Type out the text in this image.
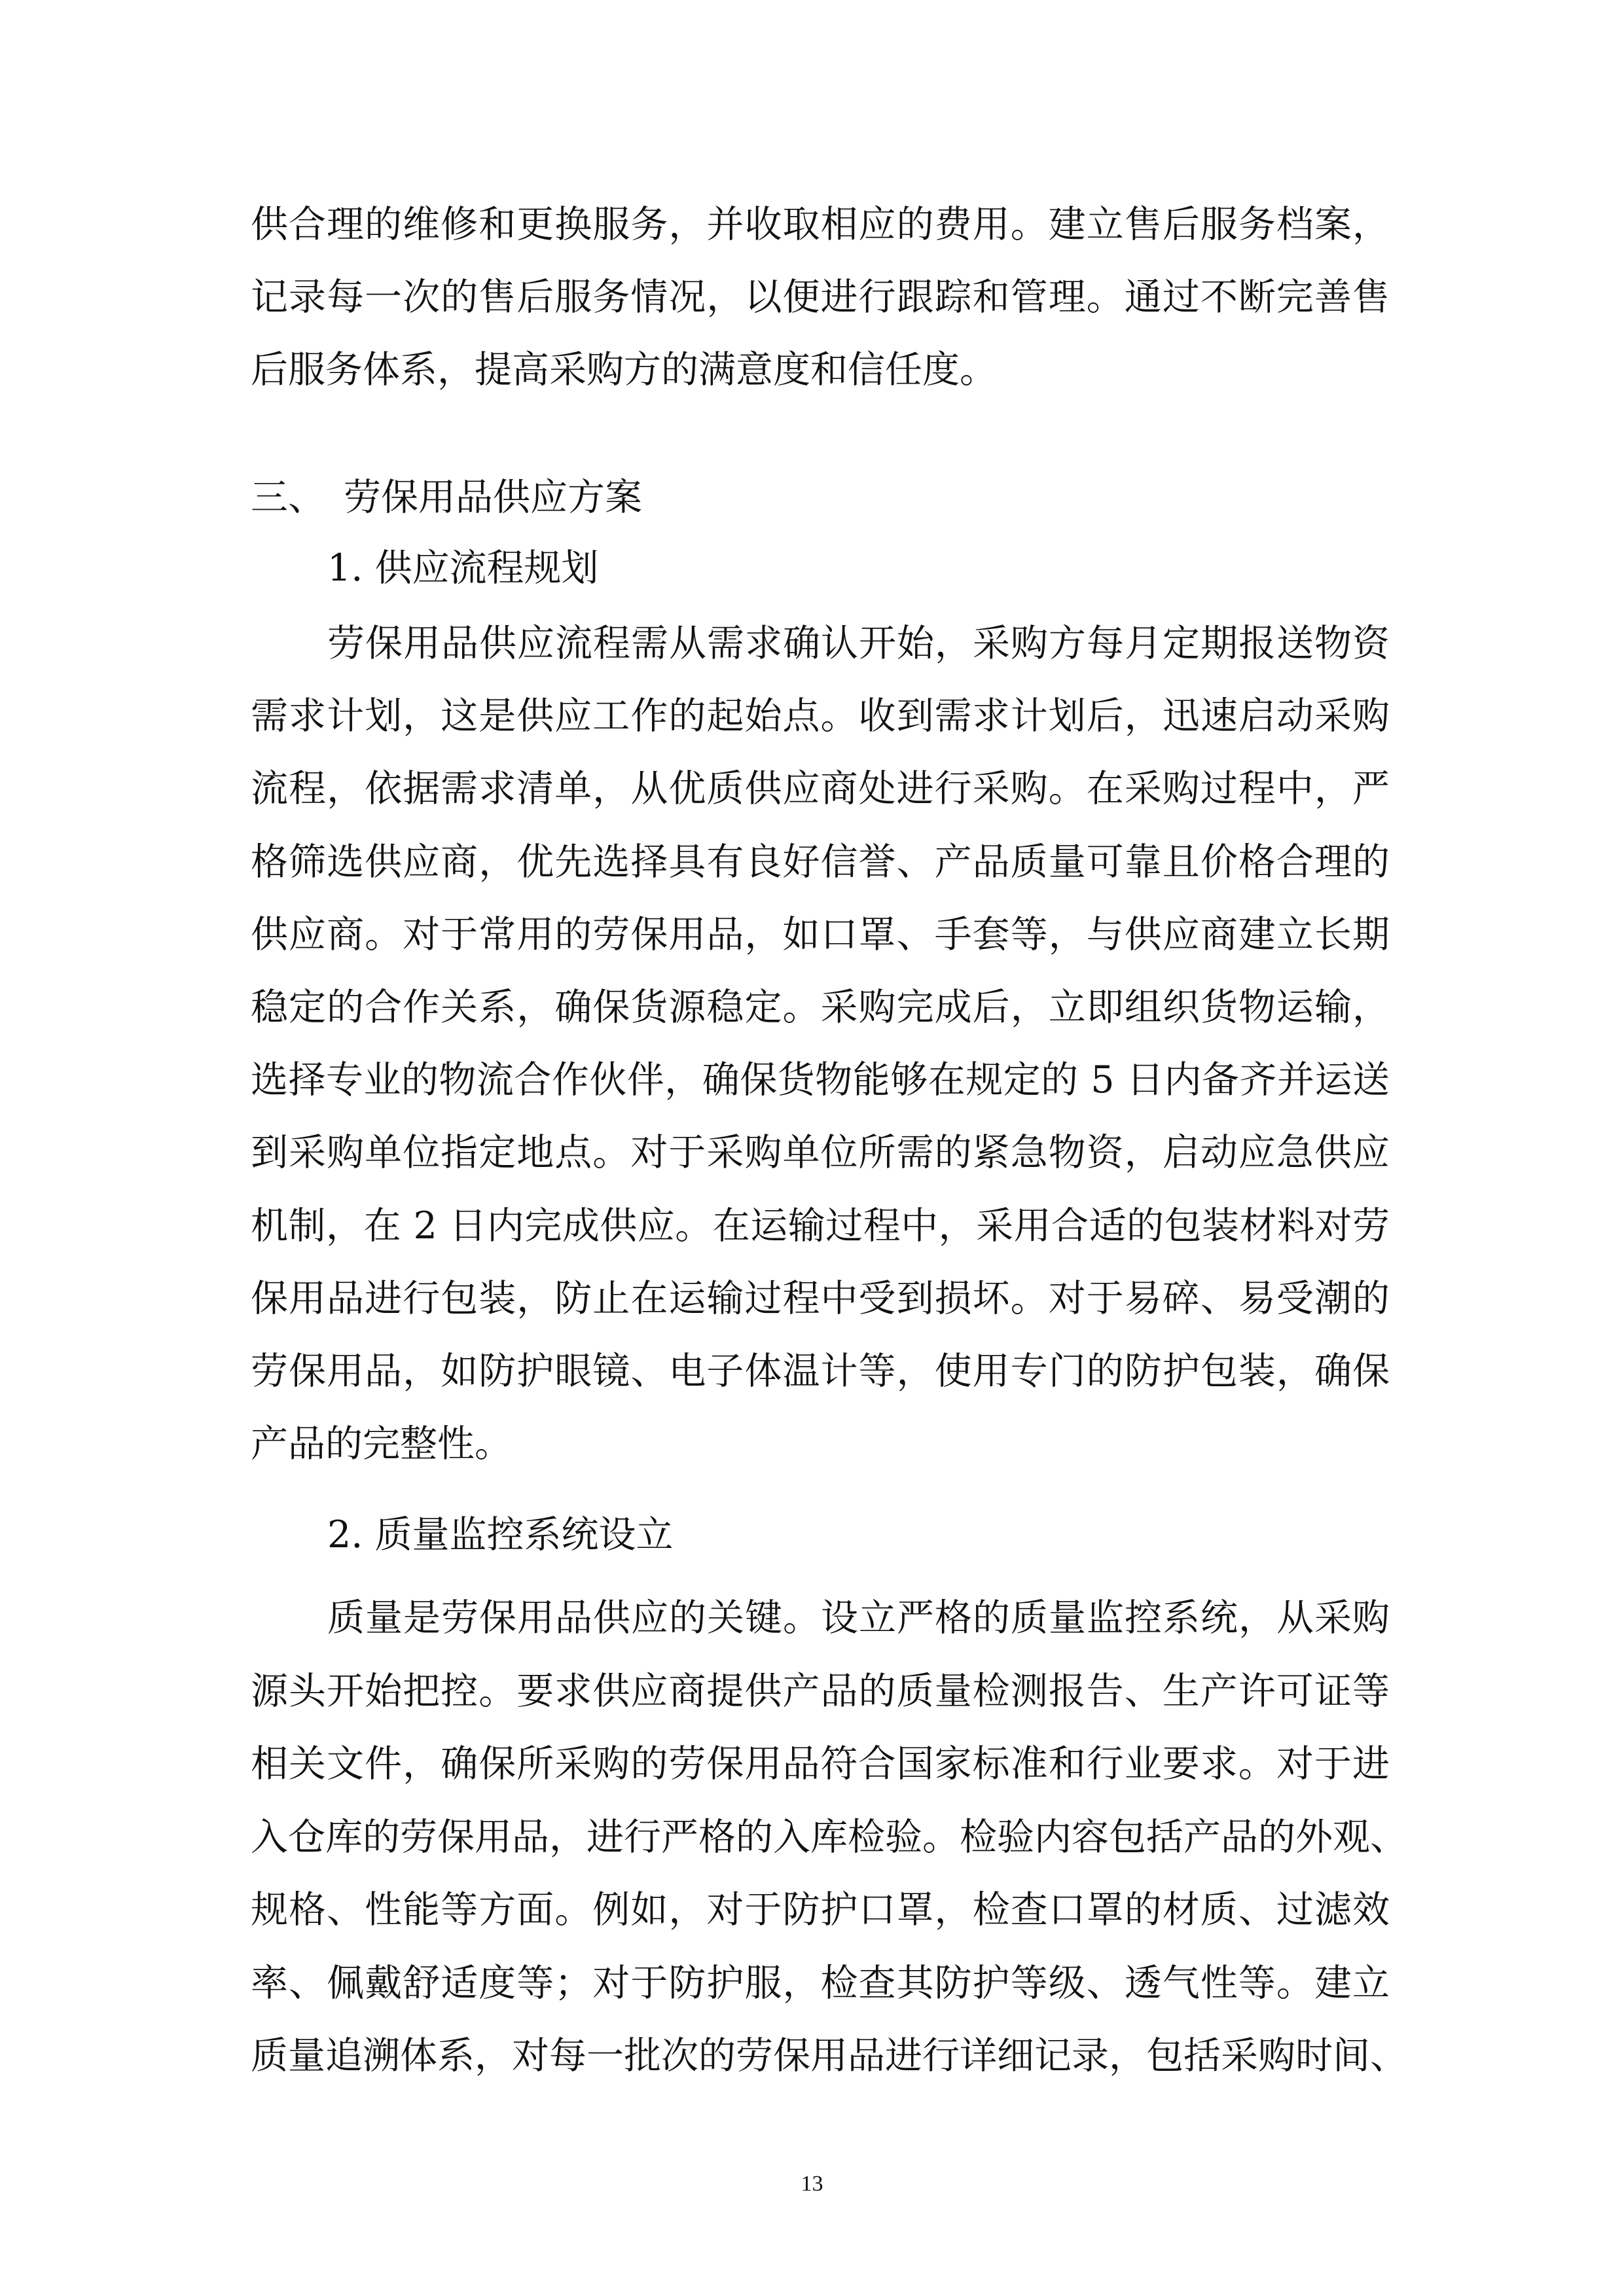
三、 劳保用品供应方案
1. 供应流程规划
2. 质量监控系统设立
13
供合理的维修和更换服务，并收取相应的费用。建立售后服务档案，
记录每一次的售后服务情况，以便进行跟踪和管理。通过不断完善售
后服务体系，提高采购方的满意度和信任度。
劳保用品供应流程需从需求确认开始，采购方每月定期报送物资
需求计划，这是供应工作的起始点。收到需求计划后，迅速启动采购
流程，依据需求清单，从优质供应商处进行采购。在采购过程中，严
格筛选供应商，优先选择具有良好信誉、产品质量可靠且价格合理的
供应商。对于常用的劳保用品，如口罩、手套等，与供应商建立长期
稳定的合作关系，确保货源稳定。采购完成后，立即组织货物运输，
选择专业的物流合作伙伴，确保货物能够在规定的 5 日内备齐并运送
到采购单位指定地点。对于采购单位所需的紧急物资，启动应急供应
机制，在 2 日内完成供应。在运输过程中，采用合适的包装材料对劳
保用品进行包装，防止在运输过程中受到损坏。对于易碎、易受潮的
劳保用品，如防护眼镜、电子体温计等，使用专门的防护包装，确保
产品的完整性。
质量是劳保用品供应的关键。设立严格的质量监控系统，从采购
源头开始把控。要求供应商提供产品的质量检测报告、生产许可证等
相关文件，确保所采购的劳保用品符合国家标准和行业要求。对于进
入仓库的劳保用品，进行严格的入库检验。检验内容包括产品的外观、
规格、性能等方面。例如，对于防护口罩，检查口罩的材质、过滤效
率、佩戴舒适度等；对于防护服，检查其防护等级、透气性等。建立
质量追溯体系，对每一批次的劳保用品进行详细记录，包括采购时间、
